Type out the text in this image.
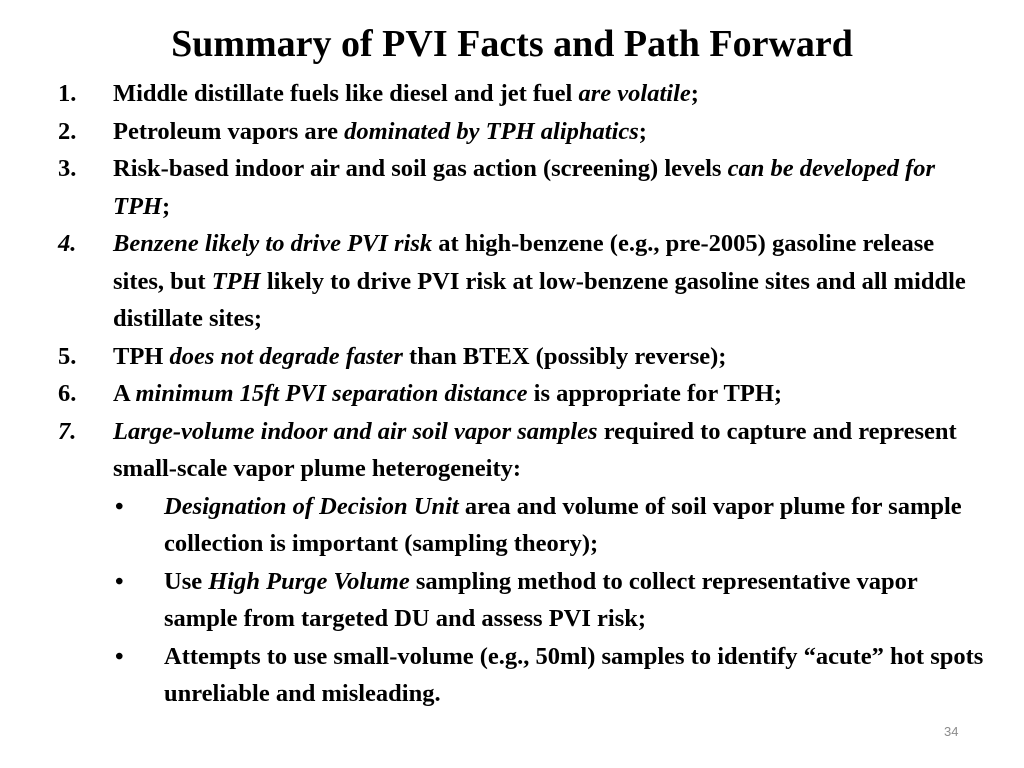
Summary of PVI Facts and Path Forward
1. Middle distillate fuels like diesel and jet fuel are volatile;
2. Petroleum vapors are dominated by TPH aliphatics;
3. Risk-based indoor air and soil gas action (screening) levels can be developed for TPH;
4. Benzene likely to drive PVI risk at high-benzene (e.g., pre-2005) gasoline release sites, but TPH likely to drive PVI risk at low-benzene gasoline sites and all middle distillate sites;
5. TPH does not degrade faster than BTEX (possibly reverse);
6. A minimum 15ft PVI separation distance is appropriate for TPH;
7. Large-volume indoor and air soil vapor samples required to capture and represent small-scale vapor plume heterogeneity:
• Designation of Decision Unit area and volume of soil vapor plume for sample collection is important (sampling theory);
• Use High Purge Volume sampling method to collect representative vapor sample from targeted DU and assess PVI risk;
• Attempts to use small-volume (e.g., 50ml) samples to identify “acute” hot spots unreliable and misleading.
34
